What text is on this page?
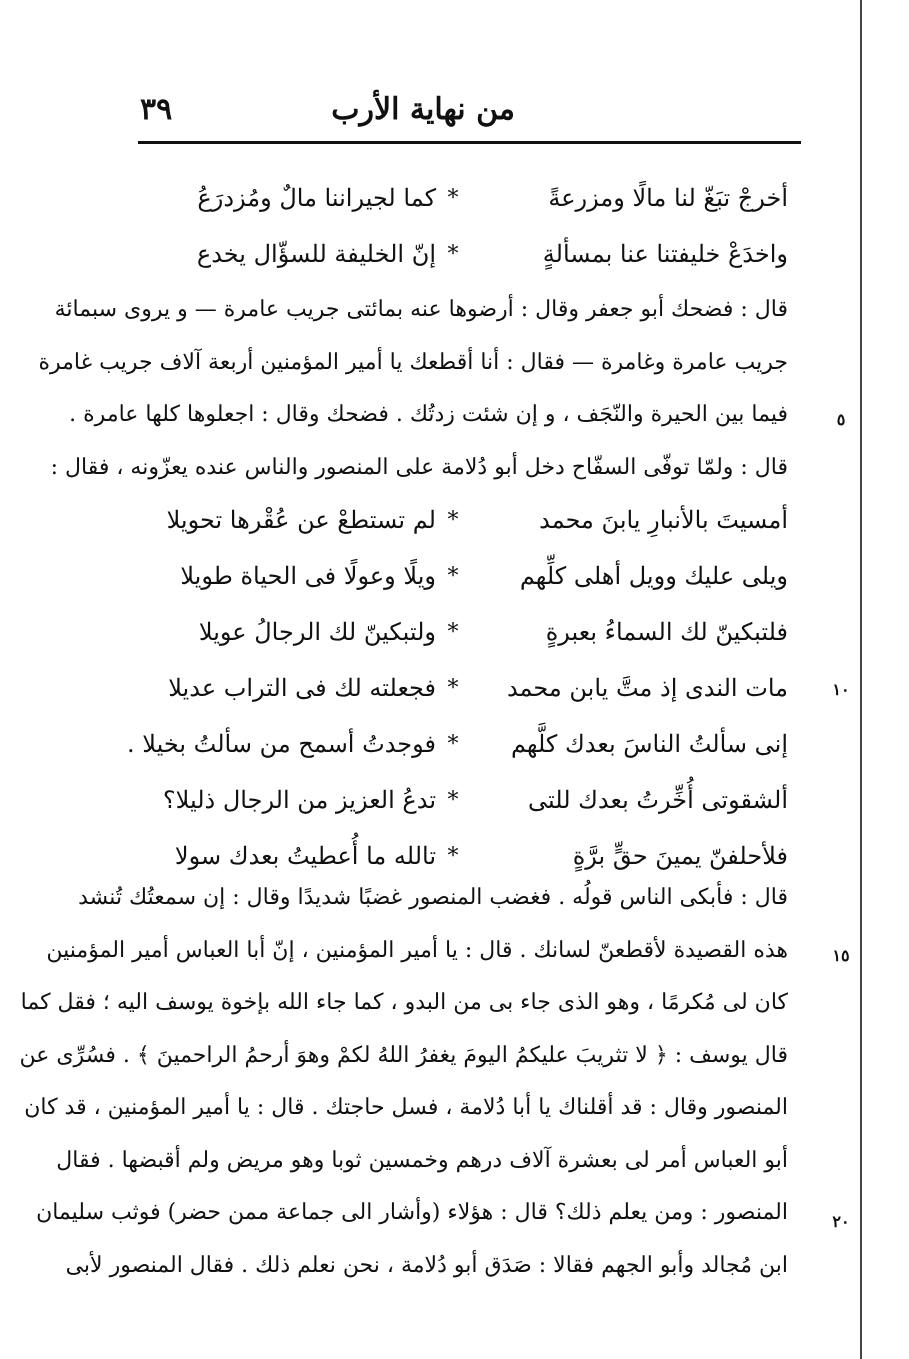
من نهاية الأرب
٣٩
أخرجْ تبَغّ لنا مالًا ومزرعةً
*
كما لجيراننا مالٌ ومُزدرَعُ
واخدَعْ خليفتنا عنا بمسألةٍ
*
إنّ الخليفة للسؤّال يخدع
قال : فضحك أبو جعفر وقال : أرضوها عنه بمائتى جريب عامرة — و يروى سبمائة
جريب عامرة وغامرة — فقال : أنا أقطعك يا أمير المؤمنين أربعة آلاف جريب غامرة
فيما بين الحيرة والنّجَف ، و إن شئت زدتُك . فضحك وقال : اجعلوها كلها عامرة .
قال : ولمّا توفّى السفّاح دخل أبو دُلامة على المنصور والناس عنده يعزّونه ، فقال :
أمسيتَ بالأنبارِ يابنَ محمد
*
لم تستطعْ عن عُقْرها تحويلا
ويلى عليك وويل أهلى كلِّهم
*
ويلًا وعولًا فى الحياة طويلا
فلتبكينّ لك السماءُ بعبرةٍ
*
ولتبكينّ لك الرجالُ عويلا
مات الندى إذ متَّ يابن محمد
*
فجعلته لك فى التراب عديلا
إنى سألتُ الناسَ بعدك كلَّهم
*
فوجدتُ أسمح من سألتُ بخيلا .
ألشقوتى أُخِّرتُ بعدك للتى
*
تدعُ العزيز من الرجال ذليلا؟
فلأحلفنّ يمينَ حقٍّ برَّةٍ
*
تالله ما أُعطيتُ بعدك سولا
قال : فأبكى الناس قولُه . فغضب المنصور غضبًا شديدًا وقال : إن سمعتُك تُنشد
هذه القصيدة لأقطعنّ لسانك . قال : يا أمير المؤمنين ، إنّ أبا العباس أمير المؤمنين
كان لى مُكرمًا ، وهو الذى جاء بى من البدو ، كما جاء الله بإخوة يوسف اليه ؛ فقل كما
قال يوسف : ﴿ لا تثريبَ عليكمُ اليومَ يغفرُ اللهُ لكمْ وهوَ أرحمُ الراحمينَ ﴾ . فسُرِّى عن
المنصور وقال : قد أقلناك يا أبا دُلامة ، فسل حاجتك . قال : يا أمير المؤمنين ، قد كان
أبو العباس أمر لى بعشرة آلاف درهم وخمسين ثوبا وهو مريض ولم أقبضها . فقال
المنصور : ومن يعلم ذلك؟ قال : هؤلاء (وأشار الى جماعة ممن حضر) فوثب سليمان
ابن مُجالد وأبو الجهم فقالا : صَدَق أبو دُلامة ، نحن نعلم ذلك . فقال المنصور لأبى
٥
١٠
١٥
٢٠
